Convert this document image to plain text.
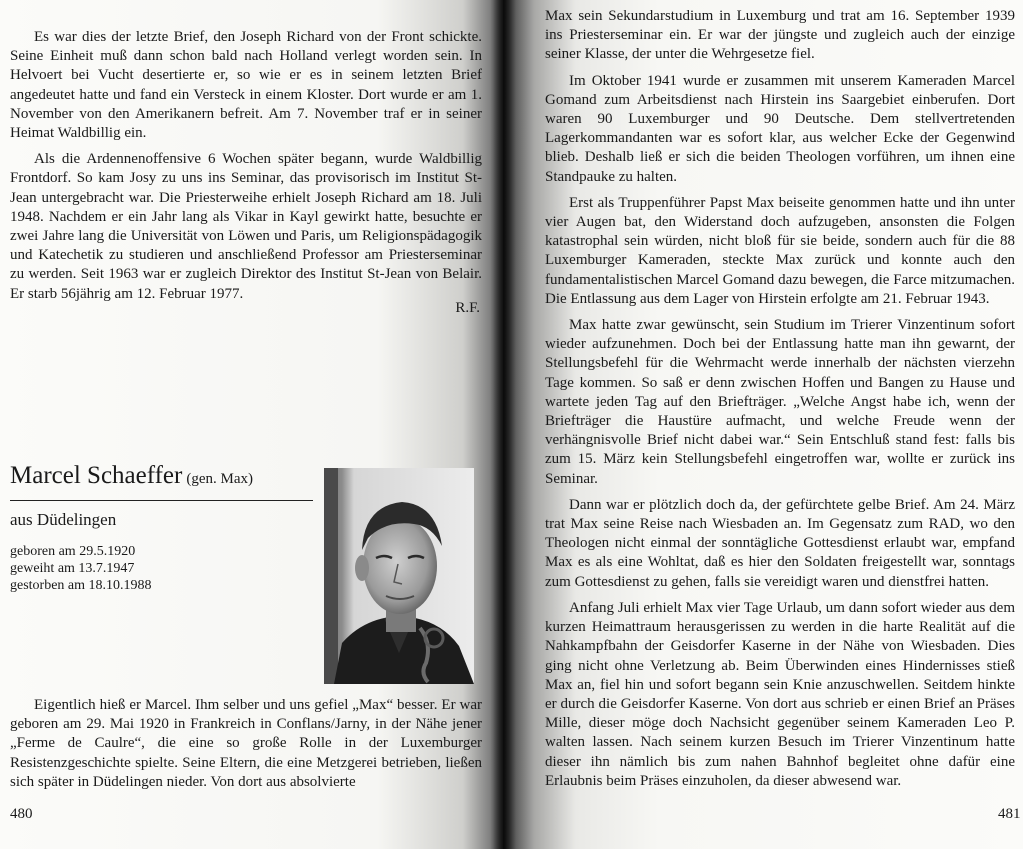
Es war dies der letzte Brief, den Joseph Richard von der Front schickte. Seine Einheit muß dann schon bald nach Holland verlegt worden sein. In Helvoert bei Vucht desertierte er, so wie er es in seinem letzten Brief angedeutet hatte und fand ein Versteck in einem Kloster. Dort wurde er am 1. November von den Amerikanern befreit. Am 7. November traf er in seiner Heimat Waldbillig ein.

Als die Ardennenoffensive 6 Wochen später begann, wurde Waldbillig Frontdorf. So kam Josy zu uns ins Seminar, das provisorisch im Institut St-Jean untergebracht war. Die Priesterweihe erhielt Joseph Richard am 18. Juli 1948. Nachdem er ein Jahr lang als Vikar in Kayl gewirkt hatte, besuchte er zwei Jahre lang die Universität von Löwen und Paris, um Religionspädagogik und Katechetik zu studieren und anschließend Professor am Priesterseminar zu werden. Seit 1963 war er zugleich Direktor des Institut St-Jean von Belair. Er starb 56jährig am 12. Februar 1977.

R.F.
Marcel Schaeffer (gen. Max)
aus Düdelingen
geboren am 29.5.1920
geweiht am 13.7.1947
gestorben am 18.10.1988

Eigentlich hieß er Marcel. Ihm selber und uns gefiel „Max“ besser. Er war geboren am 29. Mai 1920 in Frankreich in Conflans/Jarny, in der Nähe jener „Ferme de Caulre“, die eine so große Rolle in der Luxemburger Resistenzgeschichte spielte. Seine Eltern, die eine Metzgerei betrieben, ließen sich später in Düdelingen nieder. Von dort aus absolvierte

480	481

Max sein Sekundarstudium in Luxemburg und trat am 16. September 1939 ins Priesterseminar ein. Er war der jüngste und zugleich auch der einzige seiner Klasse, der unter die Wehrgesetze fiel.

Im Oktober 1941 wurde er zusammen mit unserem Kameraden Marcel Gomand zum Arbeitsdienst nach Hirstein ins Saargebiet einberufen. Dort waren 90 Luxemburger und 90 Deutsche. Dem stellvertretenden Lagerkommandanten war es sofort klar, aus welcher Ecke der Gegenwind blieb. Deshalb ließ er sich die beiden Theologen vorführen, um ihnen eine Standpauke zu halten.

Erst als Truppenführer Papst Max beiseite genommen hatte und ihn unter vier Augen bat, den Widerstand doch aufzugeben, ansonsten die Folgen katastrophal sein würden, nicht bloß für sie beide, sondern auch für die 88 Luxemburger Kameraden, steckte Max zurück und konnte auch den fundamentalistischen Marcel Gomand dazu bewegen, die Farce mitzumachen. Die Entlassung aus dem Lager von Hirstein erfolgte am 21. Februar 1943.

Max hatte zwar gewünscht, sein Studium im Trierer Vinzentinum sofort wieder aufzunehmen. Doch bei der Entlassung hatte man ihn gewarnt, der Stellungsbefehl für die Wehrmacht werde innerhalb der nächsten vierzehn Tage kommen. So saß er denn zwischen Hoffen und Bangen zu Hause und wartete jeden Tag auf den Briefträger. „Welche Angst habe ich, wenn der Briefträger die Haustüre aufmacht, und welche Freude wenn der verhängnisvolle Brief nicht dabei war.“ Sein Entschluß stand fest: falls bis zum 15. März kein Stellungsbefehl eingetroffen war, wollte er zurück ins Seminar.

Dann war er plötzlich doch da, der gefürchtete gelbe Brief. Am 24. März trat Max seine Reise nach Wiesbaden an. Im Gegensatz zum RAD, wo den Theologen nicht einmal der sonntägliche Gottesdienst erlaubt war, empfand Max es als eine Wohltat, daß es hier den Soldaten freigestellt war, sonntags zum Gottesdienst zu gehen, falls sie vereidigt waren und dienstfrei hatten.

Anfang Juli erhielt Max vier Tage Urlaub, um dann sofort wieder aus dem kurzen Heimattraum herausgerissen zu werden in die harte Realität auf die Nahkampfbahn der Geisdorfer Kaserne in der Nähe von Wiesbaden. Dies ging nicht ohne Verletzung ab. Beim Überwinden eines Hindernisses stieß Max an, fiel hin und sofort begann sein Knie anzuschwellen. Seitdem hinkte er durch die Geisdorfer Kaserne. Von dort aus schrieb er einen Brief an Präses Mille, dieser möge doch Nachsicht gegenüber seinem Kameraden Leo P. walten lassen. Nach seinem kurzen Besuch im Trierer Vinzentinum hatte dieser ihn nämlich bis zum nahen Bahnhof begleitet ohne dafür eine Erlaubnis beim Präses einzuholen, da dieser abwesend war.
